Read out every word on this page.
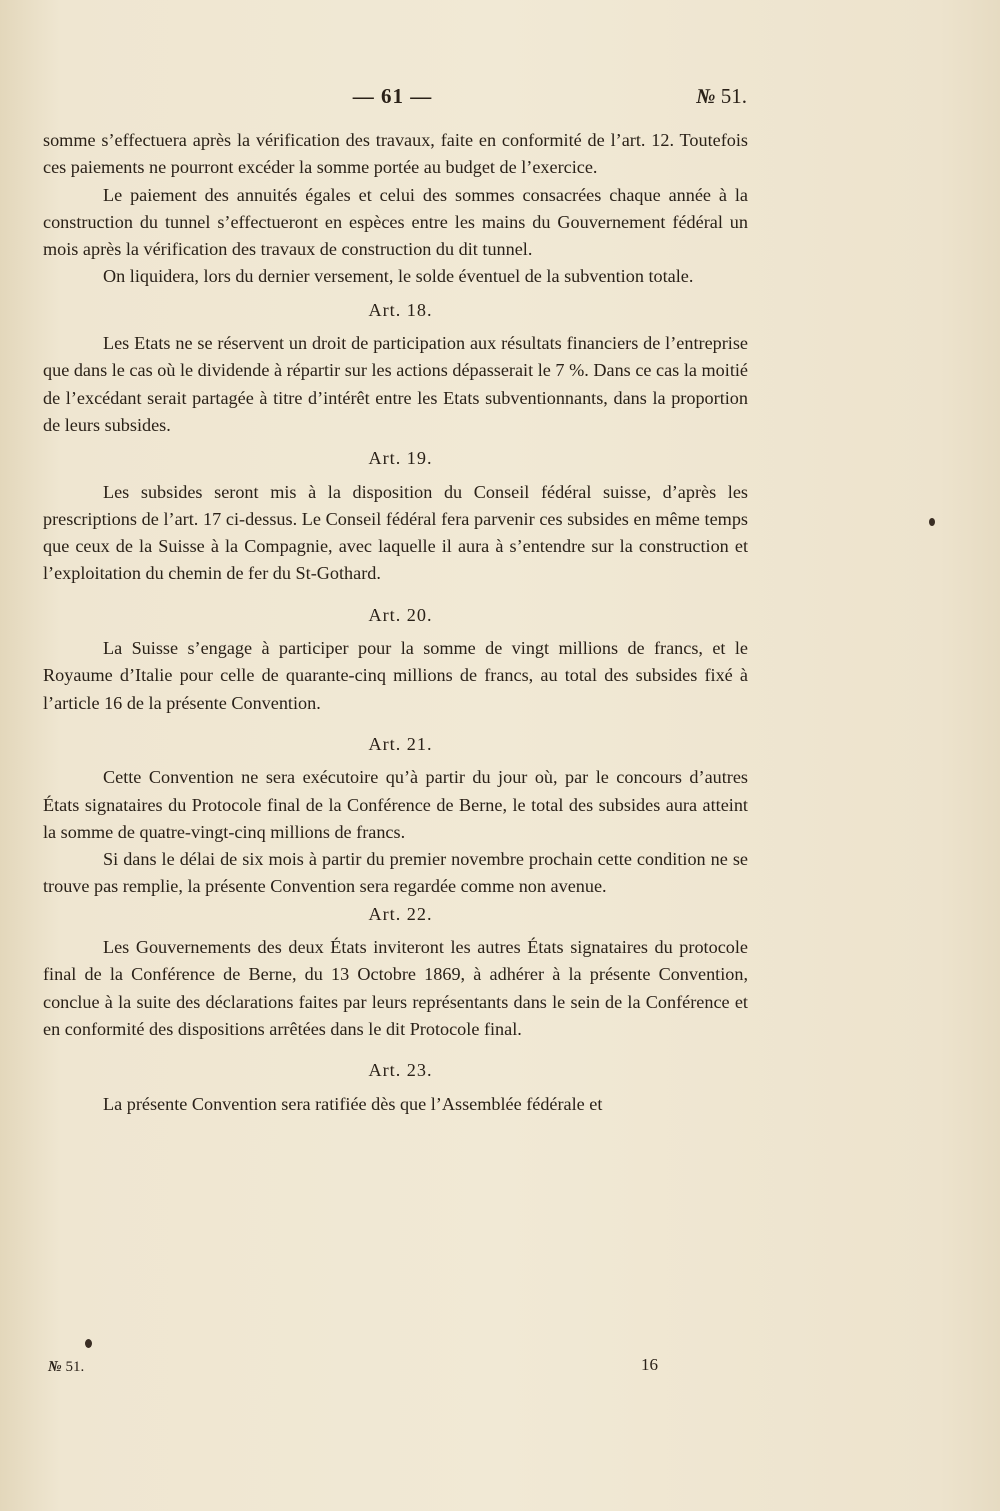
— 61 —	№ 51.

somme s’effectuera après la vérification des travaux, faite en conformité de l’art. 12. Toutefois ces paiements ne pourront excéder la somme portée au budget de l’exercice.

Le paiement des annuités égales et celui des sommes consacrées chaque année à la construction du tunnel s’effectueront en espèces entre les mains du Gouvernement fédéral un mois après la vérification des travaux de construction du dit tunnel.

On liquidera, lors du dernier versement, le solde éventuel de la subvention totale.

Art. 18.

Les Etats ne se réservent un droit de participation aux résultats financiers de l’entreprise que dans le cas où le dividende à répartir sur les actions dépasserait le 7 %. Dans ce cas la moitié de l’excédant serait partagée à titre d’intérêt entre les Etats subventionnants, dans la proportion de leurs subsides.

Art. 19.

Les subsides seront mis à la disposition du Conseil fédéral suisse, d’après les prescriptions de l’art. 17 ci-dessus. Le Conseil fédéral fera parvenir ces subsides en même temps que ceux de la Suisse à la Compagnie, avec laquelle il aura à s’entendre sur la construction et l’exploitation du chemin de fer du St-Gothard.

Art. 20.

La Suisse s’engage à participer pour la somme de vingt millions de francs, et le Royaume d’Italie pour celle de quarante-cinq millions de francs, au total des subsides fixé à l’article 16 de la présente Convention.

Art. 21.

Cette Convention ne sera exécutoire qu’à partir du jour où, par le concours d’autres États signataires du Protocole final de la Conférence de Berne, le total des subsides aura atteint la somme de quatre-vingt-cinq millions de francs.

Si dans le délai de six mois à partir du premier novembre prochain cette condition ne se trouve pas remplie, la présente Convention sera regardée comme non avenue.

Art. 22.

Les Gouvernements des deux États inviteront les autres États signataires du protocole final de la Conférence de Berne, du 13 Octobre 1869, à adhérer à la présente Convention, conclue à la suite des déclarations faites par leurs représentants dans le sein de la Conférence et en conformité des dispositions arrêtées dans le dit Protocole final.

Art. 23.

La présente Convention sera ratifiée dès que l’Assemblée fédérale et

№ 51.	16
